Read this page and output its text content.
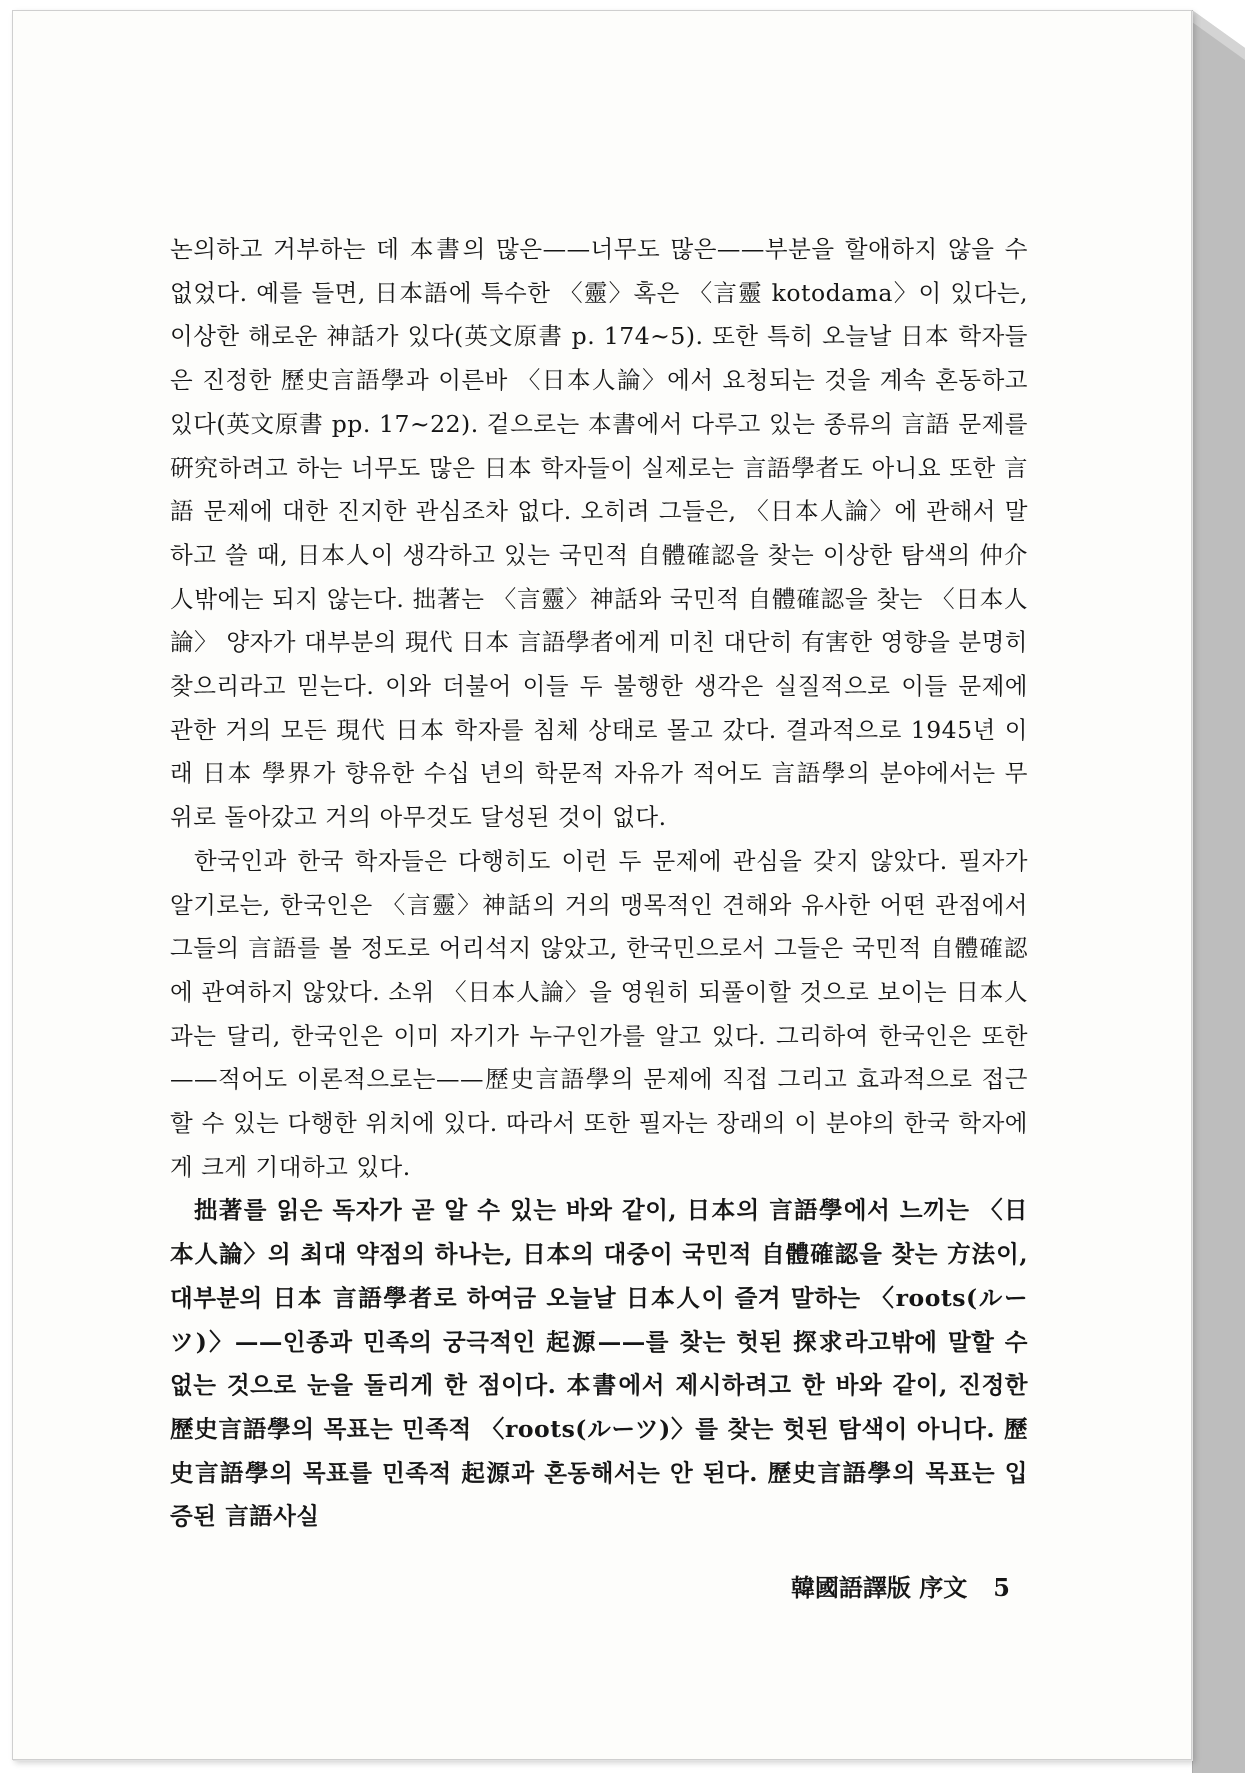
논의하고 거부하는 데 本書의 많은——너무도 많은——부분을 할애하지 않을 수 없었다. 예를 들면, 日本語에 특수한 〈靈〉혹은 〈言靈 kotodama〉이 있다는, 이상한 해로운 神話가 있다(英文原書 p. 174~5). 또한 특히 오늘날 日本 학자들은 진정한 歷史言語學과 이른바 〈日本人論〉에서 요청되는 것을 계속 혼동하고 있다(英文原書 pp. 17~22). 겉으로는 本書에서 다루고 있는 종류의 言語 문제를 硏究하려고 하는 너무도 많은 日本 학자들이 실제로는 言語學者도 아니요 또한 言語 문제에 대한 진지한 관심조차 없다. 오히려 그들은, 〈日本人論〉에 관해서 말하고 쓸 때, 日本人이 생각하고 있는 국민적 自體確認을 찾는 이상한 탐색의 仲介人밖에는 되지 않는다. 拙著는 〈言靈〉神話와 국민적 自體確認을 찾는 〈日本人論〉 양자가 대부분의 現代 日本 言語學者에게 미친 대단히 有害한 영향을 분명히 찾으리라고 믿는다. 이와 더불어 이들 두 불행한 생각은 실질적으로 이들 문제에 관한 거의 모든 現代 日本 학자를 침체 상태로 몰고 갔다. 결과적으로 1945년 이래 日本 學界가 향유한 수십 년의 학문적 자유가 적어도 言語學의 분야에서는 무위로 돌아갔고 거의 아무것도 달성된 것이 없다.

한국인과 한국 학자들은 다행히도 이런 두 문제에 관심을 갖지 않았다. 필자가 알기로는, 한국인은 〈言靈〉神話의 거의 맹목적인 견해와 유사한 어떤 관점에서 그들의 言語를 볼 정도로 어리석지 않았고, 한국민으로서 그들은 국민적 自體確認에 관여하지 않았다. 소위 〈日本人論〉을 영원히 되풀이할 것으로 보이는 日本人과는 달리, 한국인은 이미 자기가 누구인가를 알고 있다. 그리하여 한국인은 또한——적어도 이론적으로는——歷史言語學의 문제에 직접 그리고 효과적으로 접근할 수 있는 다행한 위치에 있다. 따라서 또한 필자는 장래의 이 분야의 한국 학자에게 크게 기대하고 있다.

拙著를 읽은 독자가 곧 알 수 있는 바와 같이, 日本의 言語學에서 느끼는 〈日本人論〉의 최대 약점의 하나는, 日本의 대중이 국민적 自體確認을 찾는 方法이, 대부분의 日本 言語學者로 하여금 오늘날 日本人이 즐겨 말하는 〈roots(ルーツ)〉——인종과 민족의 궁극적인 起源——를 찾는 헛된 探求라고밖에 말할 수 없는 것으로 눈을 돌리게 한 점이다. 本書에서 제시하려고 한 바와 같이, 진정한 歷史言語學의 목표는 민족적 〈roots(ルーツ)〉를 찾는 헛된 탐색이 아니다. 歷史言語學의 목표를 민족적 起源과 혼동해서는 안 된다. 歷史言語學의 목표는 입증된 言語사실

韓國語譯版 序文 5
